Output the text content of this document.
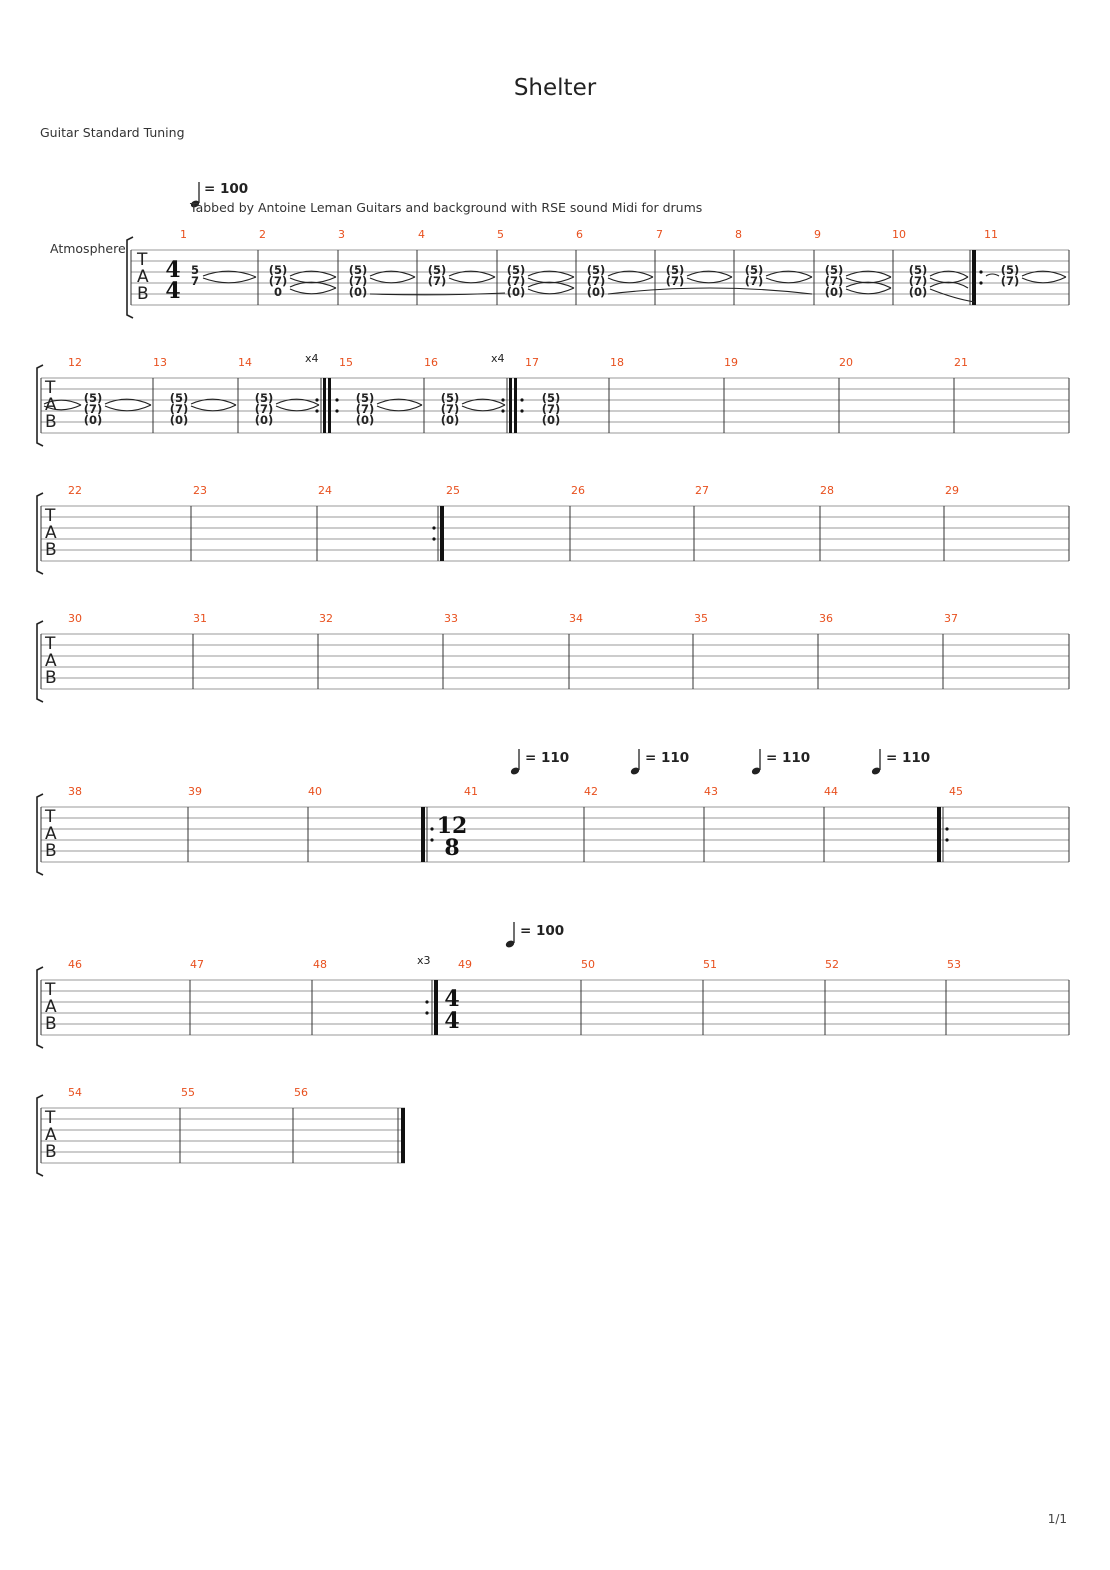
Shelter
Guitar Standard Tuning
= 100
Tabbed by Antoine Leman Guitars and background with RSE sound Midi for drums
Atmosphere
T
A
B
4
4
1	2	3	4	5	6	7	8	9	10	11
5
7
(5)
(7)
0
(5)
(7)
(0)
(5)
(7)
(5)
(7)
(0)
(5)
(7)
(0)
(5)
(7)
(5)
(7)
(5)
(7)
(0)
(5)
(7)
(0)
(5)
(7)
T
A
B
x4	x4
12	13	14	15	16	17	18	19	20	21
(5)
(7)
(0)
(5)
(7)
(0)
(5)
(7)
(0)
(5)
(7)
(0)
(5)
(7)
(0)
(5)
(7)
(0)
T
A
B
22	23	24	25	26	27	28	29
T
A
B
30	31	32	33	34	35	36	37
= 110	= 110	= 110	= 110
T
A
B
12
8
38	39	40	41	42	43	44	45
= 100
T
A
B
x3
4
4
46	47	48	49	50	51	52	53
T
A
B
54	55	56
1/1
